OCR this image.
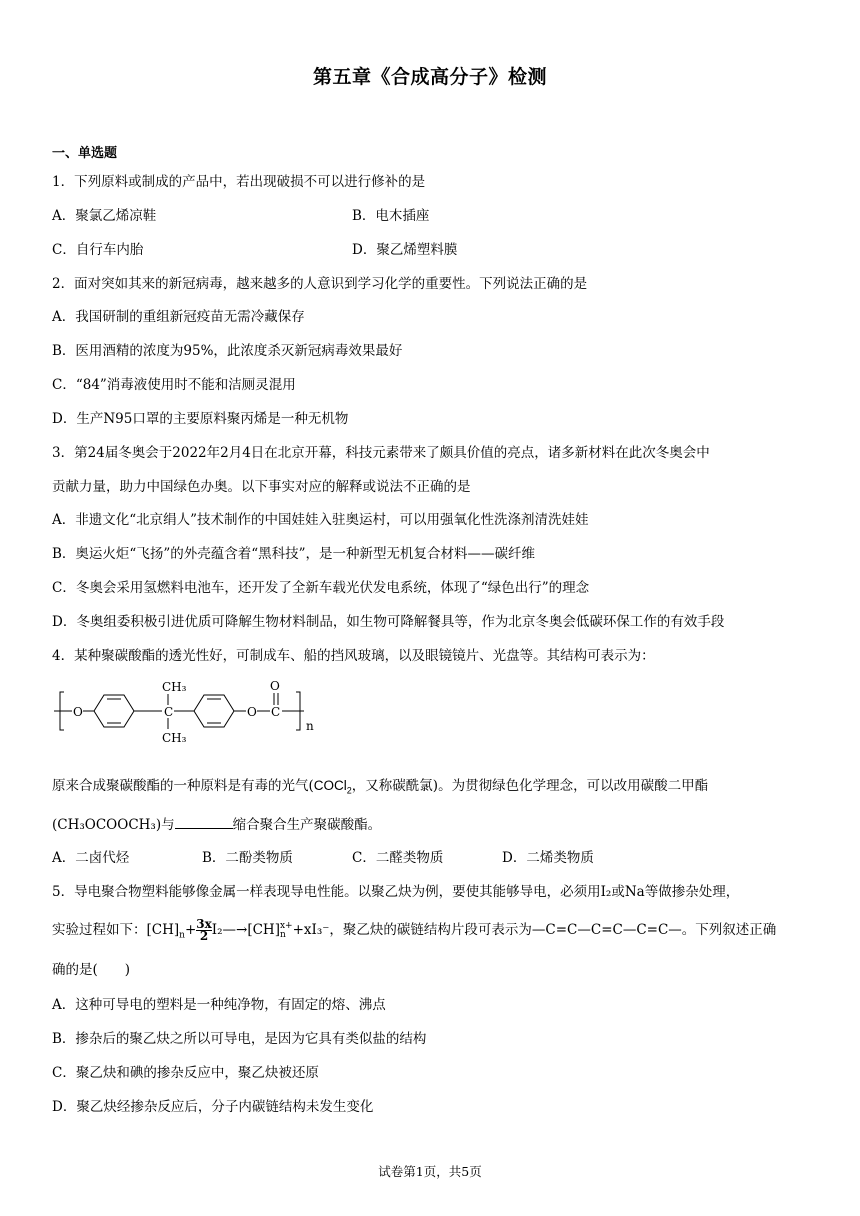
第五章《合成高分子》检测
一、单选题
1．下列原料或制成的产品中，若出现破损不可以进行修补的是
A．聚氯乙烯凉鞋	B．电木插座
C．自行车内胎	D．聚乙烯塑料膜
2．面对突如其来的新冠病毒，越来越多的人意识到学习化学的重要性。下列说法正确的是
A．我国研制的重组新冠疫苗无需冷藏保存
B．医用酒精的浓度为95%，此浓度杀灭新冠病毒效果最好
C．“84”消毒液使用时不能和洁厕灵混用
D．生产N95口罩的主要原料聚丙烯是一种无机物
3．第24届冬奥会于2022年2月4日在北京开幕，科技元素带来了颇具价值的亮点，诸多新材料在此次冬奥会中
贡献力量，助力中国绿色办奥。以下事实对应的解释或说法不正确的是
A．非遗文化“北京绢人”技术制作的中国娃娃入驻奥运村，可以用强氧化性洗涤剂清洗娃娃
B．奥运火炬“飞扬”的外壳蕴含着“黑科技”，是一种新型无机复合材料——碳纤维
C．冬奥会采用氢燃料电池车，还开发了全新车载光伏发电系统，体现了“绿色出行”的理念
D．冬奥组委积极引进优质可降解生物材料制品，如生物可降解餐具等，作为北京冬奥会低碳环保工作的有效手段
4．某种聚碳酸酯的透光性好，可制成车、船的挡风玻璃，以及眼镜镜片、光盘等。其结构可表示为：
O	C
CH₃
CH₃
O C
O
n
原来合成聚碳酸酯的一种原料是有毒的光气(COCl$_2$，又称碳酰氯)。为贯彻绿色化学理念，可以改用碳酸二甲酯
(CH₃OCOOCH₃)与	缩合聚合生产聚碳酸酯。
A．二卤代烃	B．二酚类物质	C．二醛类物质	D．二烯类物质
5．导电聚合物塑料能够像金属一样表现导电性能。以聚乙炔为例，要使其能够导电，必须用I₂或Na等做掺杂处理，
实验过程如下：$[CH]_n+ \frac{3x}{2}$ I₂—→[CH] x+
n +xI₃⁻，聚乙炔的碳链结构片段可表示为—C=C—C=C—C=C—。下列叙述正确
确的是(　　)
A．这种可导电的塑料是一种纯净物，有固定的熔、沸点
B．掺杂后的聚乙炔之所以可导电，是因为它具有类似盐的结构
C．聚乙炔和碘的掺杂反应中，聚乙炔被还原
D．聚乙炔经掺杂反应后，分子内碳链结构未发生变化
试卷第1页，共5页
